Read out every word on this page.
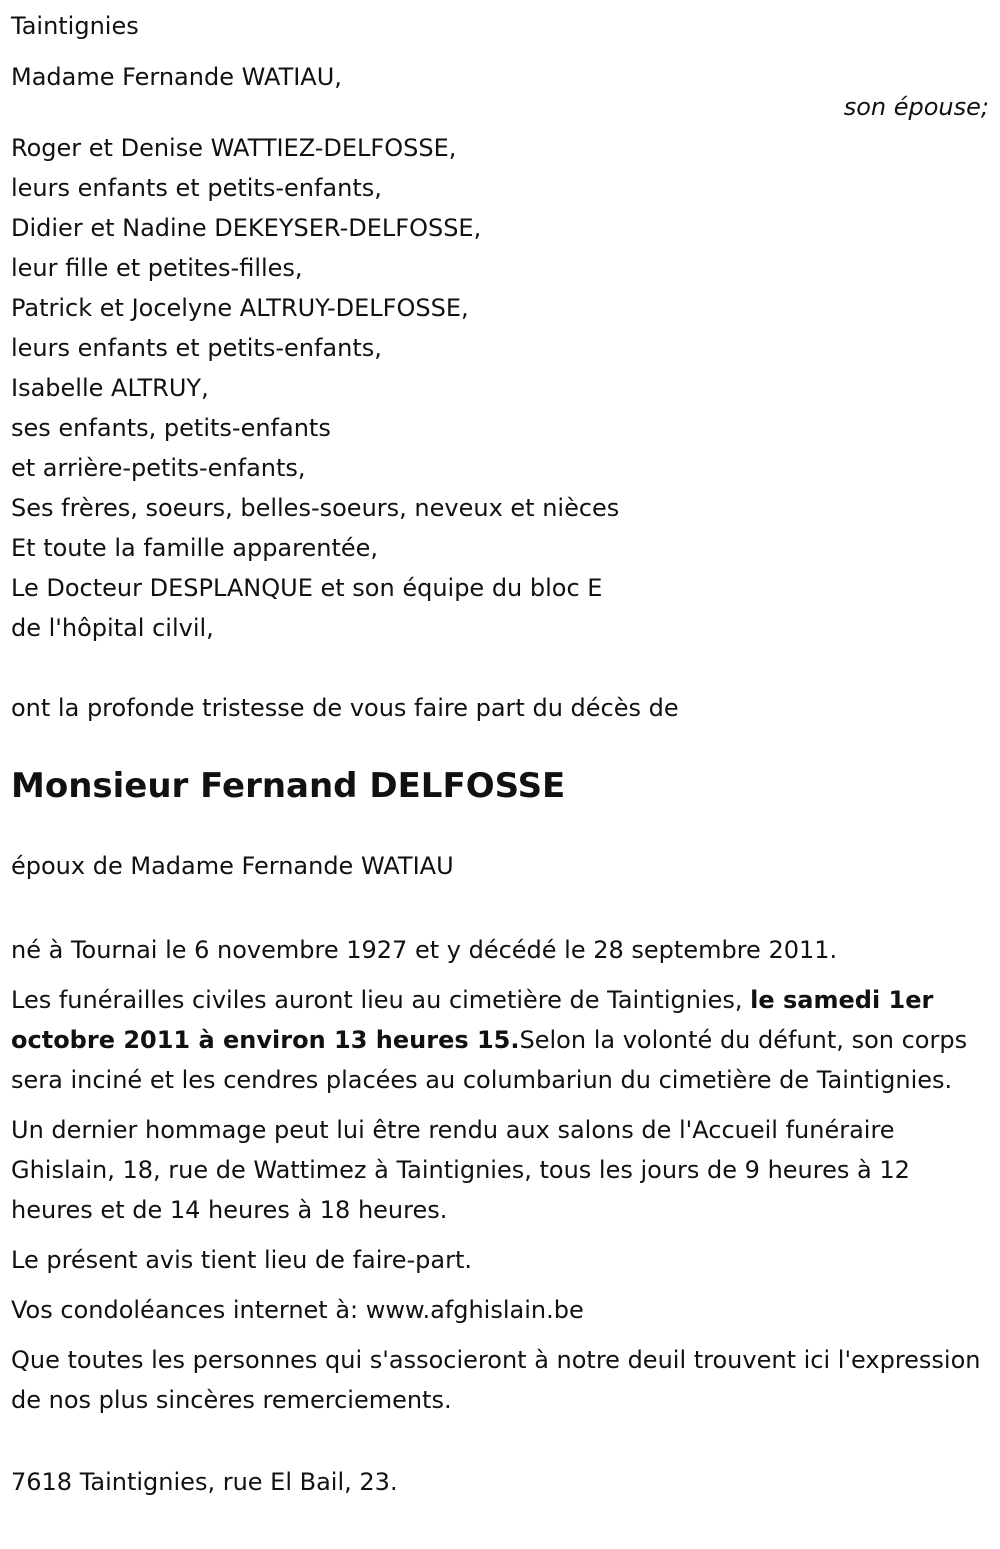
Taintignies
Madame Fernande WATIAU,
son épouse;
Roger et Denise WATTIEZ-DELFOSSE,
leurs enfants et petits-enfants,
Didier et Nadine DEKEYSER-DELFOSSE,
leur fille et petites-filles,
Patrick et Jocelyne ALTRUY-DELFOSSE,
leurs enfants et petits-enfants,
Isabelle ALTRUY,
ses enfants, petits-enfants
et arrière-petits-enfants,
Ses frères, soeurs, belles-soeurs, neveux et nièces
Et toute la famille apparentée,
Le Docteur DESPLANQUE et son équipe du bloc E
de l'hôpital cilvil,
ont la profonde tristesse de vous faire part du décès de
Monsieur Fernand DELFOSSE
époux de Madame Fernande WATIAU

né à Tournai le 6 novembre 1927 et y décédé le 28 septembre 2011.

Les funérailles civiles auront lieu au cimetière de Taintignies, le samedi 1er octobre 2011 à environ 13 heures 15.Selon la volonté du défunt, son corps sera inciné et les cendres placées au columbariun du cimetière de Taintignies.

Un dernier hommage peut lui être rendu aux salons de l'Accueil funéraire Ghislain, 18, rue de Wattimez à Taintignies, tous les jours de 9 heures à 12 heures et de 14 heures à 18 heures.

Le présent avis tient lieu de faire-part.

Vos condoléances internet à: www.afghislain.be

Que toutes les personnes qui s'associeront à notre deuil trouvent ici l'expression de nos plus sincères remerciements.

7618 Taintignies, rue El Bail, 23.
